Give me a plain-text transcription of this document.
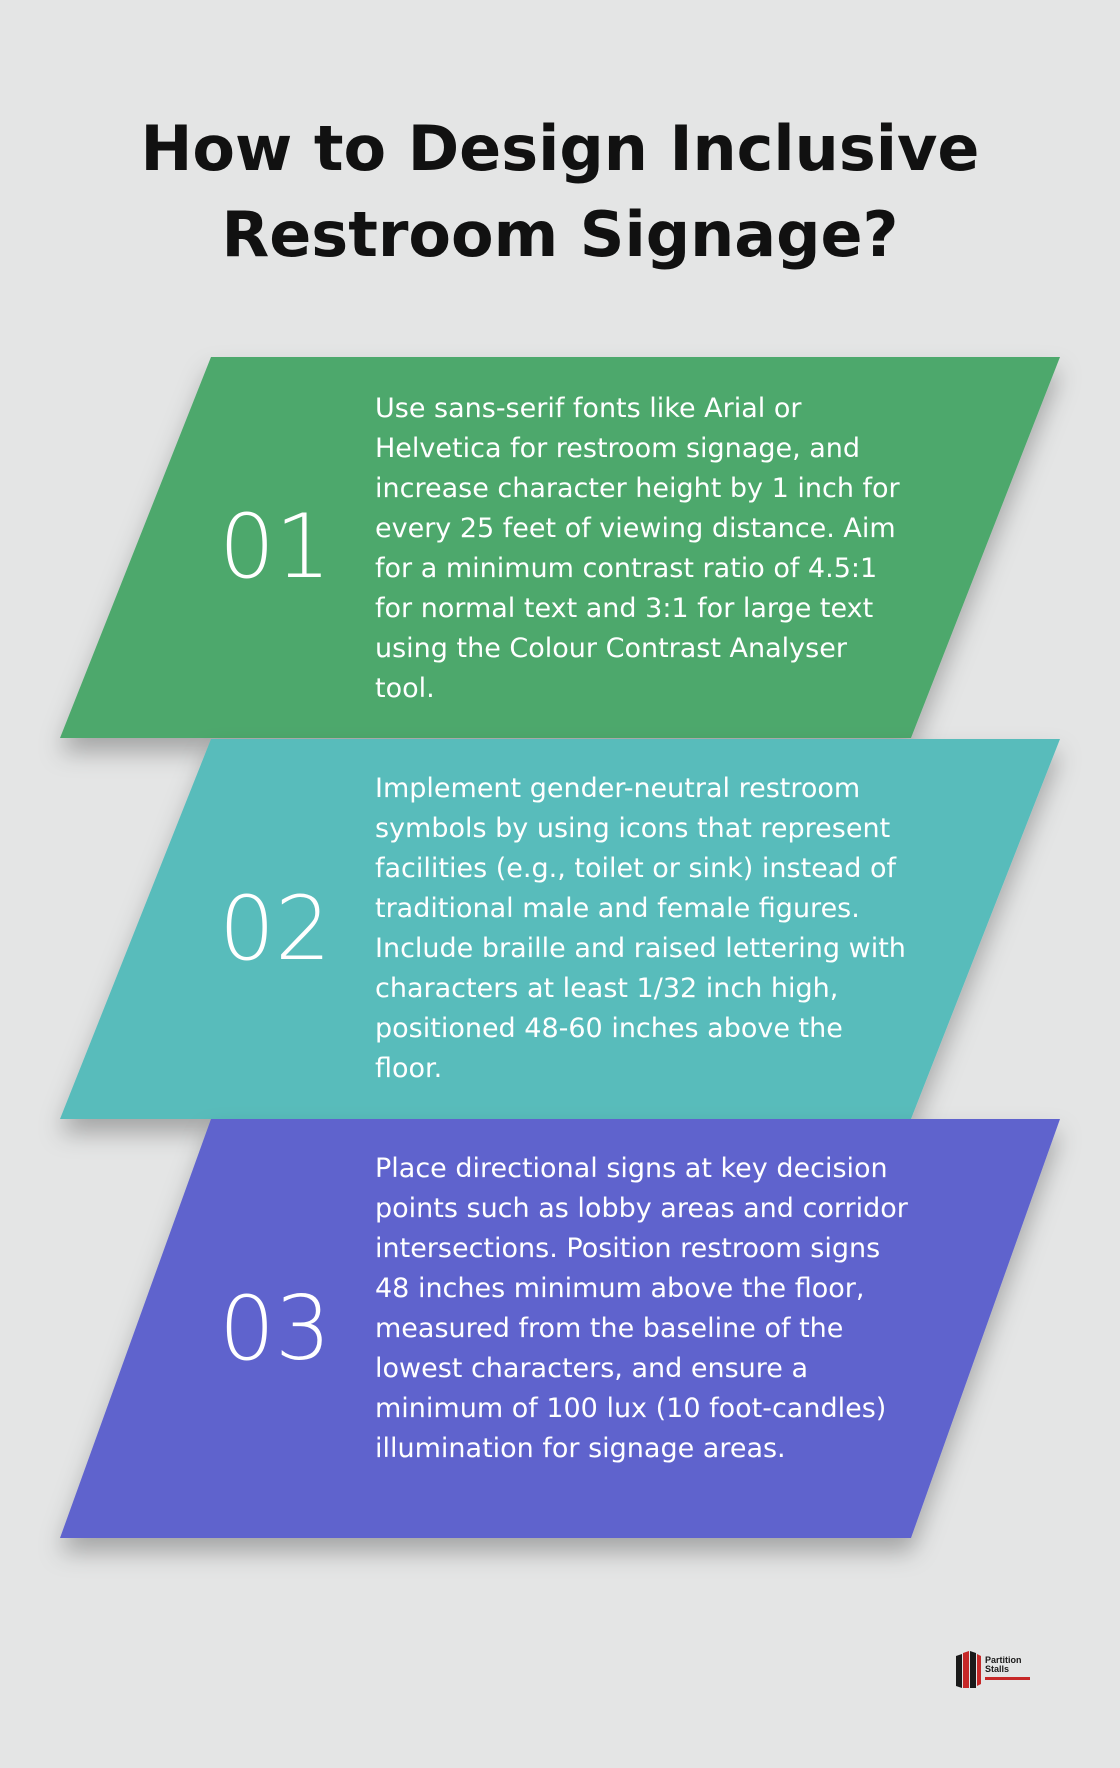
How to Design Inclusive
Restroom Signage?
01

Use sans-serif fonts like Arial or Helvetica for restroom signage, and increase character height by 1 inch for every 25 feet of viewing distance. Aim for a minimum contrast ratio of 4.5:1 for normal text and 3:1 for large text using the Colour Contrast Analyser tool.

02

Implement gender-neutral restroom symbols by using icons that represent facilities (e.g., toilet or sink) instead of traditional male and female figures. Include braille and raised lettering with characters at least 1/32 inch high, positioned 48-60 inches above the floor.

03

Place directional signs at key decision points such as lobby areas and corridor intersections. Position restroom signs 48 inches minimum above the floor, measured from the baseline of the lowest characters, and ensure a minimum of 100 lux (10 foot-candles) illumination for signage areas.

Partition Stalls
